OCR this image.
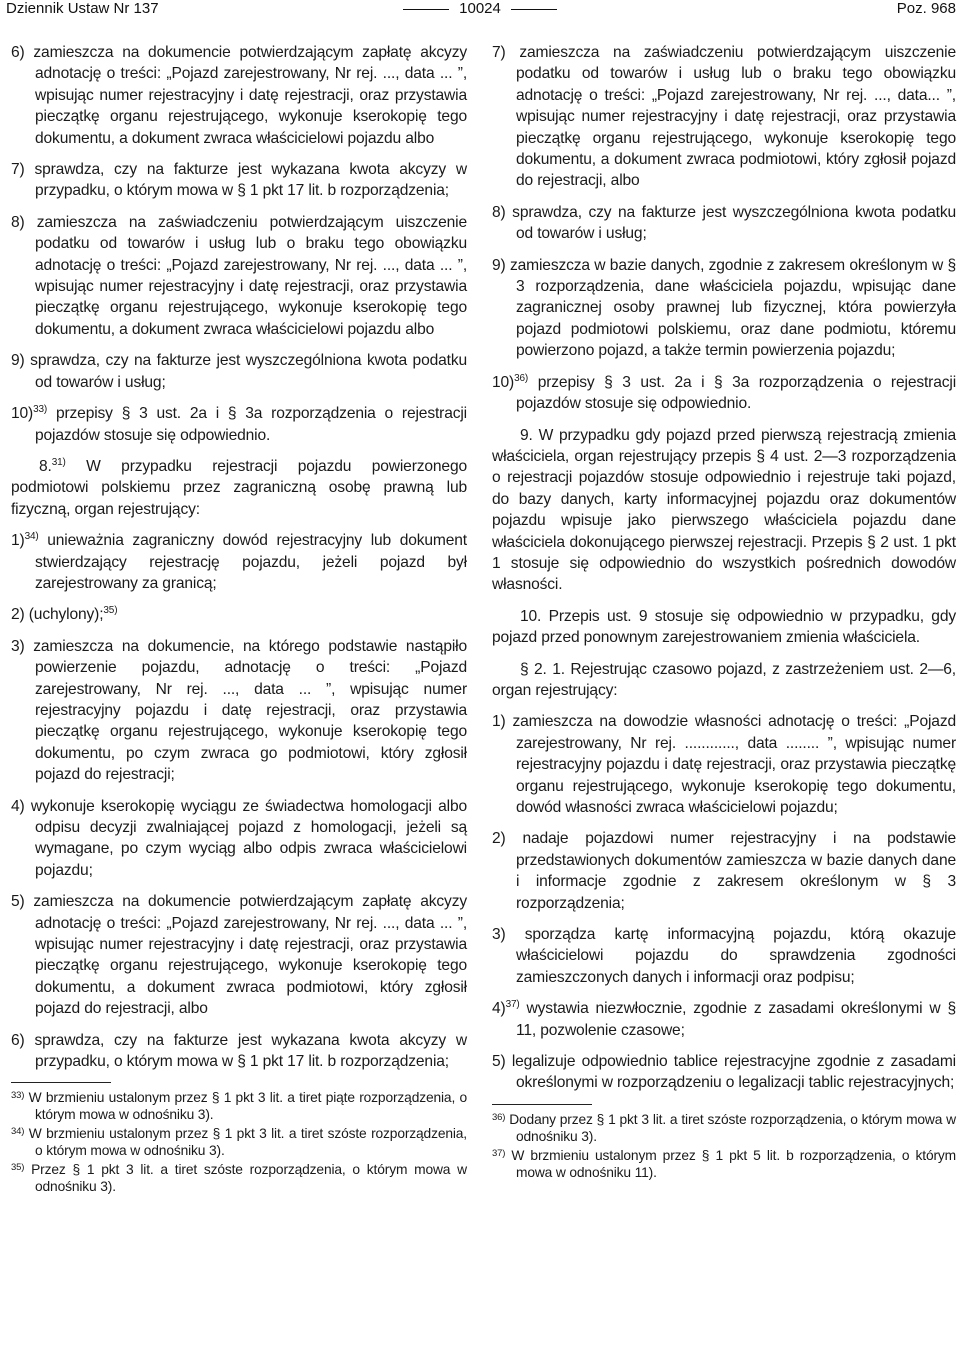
Dziennik Ustaw Nr 137	10024	Poz. 968

6) zamieszcza na dokumencie potwierdzającym zapłatę akcyzy adnotację o treści: „Pojazd zarejestrowany, Nr rej. ..., data ... ”, wpisując numer rejestracyjny i datę rejestracji, oraz przystawia pieczątkę organu rejestrującego, wykonuje kserokopię tego dokumentu, a dokument zwraca właścicielowi pojazdu albo

7) sprawdza, czy na fakturze jest wykazana kwota akcyzy w przypadku, o którym mowa w § 1 pkt 17 lit. b rozporządzenia;

8) zamieszcza na zaświadczeniu potwierdzającym uiszczenie podatku od towarów i usług lub o braku tego obowiązku adnotację o treści: „Pojazd zarejestrowany, Nr rej. ..., data ... ”, wpisując numer rejestracyjny i datę rejestracji, oraz przystawia pieczątkę organu rejestrującego, wykonuje kserokopię tego dokumentu, a dokument zwraca właścicielowi pojazdu albo

9) sprawdza, czy na fakturze jest wyszczególniona kwota podatku od towarów i usług;

10)$^{33)}$ przepisy § 3 ust. 2a i § 3a rozporządzenia o rejestracji pojazdów stosuje się odpowiednio.

8.$^{31)}$ W przypadku rejestracji pojazdu powierzonego podmiotowi polskiemu przez zagraniczną osobę prawną lub fizyczną, organ rejestrujący:

1)$^{34)}$ unieważnia zagraniczny dowód rejestracyjny lub dokument stwierdzający rejestrację pojazdu, jeżeli pojazd był zarejestrowany za granicą;

2) (uchylony);$^{35)}$

3) zamieszcza na dokumencie, na którego podstawie nastąpiło powierzenie pojazdu, adnotację o treści: „Pojazd zarejestrowany, Nr rej. ..., data ... ”, wpisując numer rejestracyjny pojazdu i datę rejestracji, oraz przystawia pieczątkę organu rejestrującego, wykonuje kserokopię tego dokumentu, po czym zwraca go podmiotowi, który zgłosił pojazd do rejestracji;

4) wykonuje kserokopię wyciągu ze świadectwa homologacji albo odpisu decyzji zwalniającej pojazd z homologacji, jeżeli są wymagane, po czym wyciąg albo odpis zwraca właścicielowi pojazdu;

5) zamieszcza na dokumencie potwierdzającym zapłatę akcyzy adnotację o treści: „Pojazd zarejestrowany, Nr rej. ..., data ... ”, wpisując numer rejestracyjny i datę rejestracji, oraz przystawia pieczątkę organu rejestrującego, wykonuje kserokopię tego dokumentu, a dokument zwraca podmiotowi, który zgłosił pojazd do rejestracji, albo

6) sprawdza, czy na fakturze jest wykazana kwota akcyzy w przypadku, o którym mowa w § 1 pkt 17 lit. b rozporządzenia;

$^{33)}$ W brzmieniu ustalonym przez § 1 pkt 3 lit. a tiret piąte rozporządzenia, o którym mowa w odnośniku 3).

$^{34)}$ W brzmieniu ustalonym przez § 1 pkt 3 lit. a tiret szóste rozporządzenia, o którym mowa w odnośniku 3).

$^{35)}$ Przez § 1 pkt 3 lit. a tiret szóste rozporządzenia, o którym mowa w odnośniku 3).

7) zamieszcza na zaświadczeniu potwierdzającym uiszczenie podatku od towarów i usług lub o braku tego obowiązku adnotację o treści: „Pojazd zarejestrowany, Nr rej. ..., data... ”, wpisując numer rejestracyjny i datę rejestracji, oraz przystawia pieczątkę organu rejestrującego, wykonuje kserokopię tego dokumentu, a dokument zwraca podmiotowi, który zgłosił pojazd do rejestracji, albo

8) sprawdza, czy na fakturze jest wyszczególniona kwota podatku od towarów i usług;

9) zamieszcza w bazie danych, zgodnie z zakresem określonym w § 3 rozporządzenia, dane właściciela pojazdu, wpisując dane zagranicznej osoby prawnej lub fizycznej, która powierzyła pojazd podmiotowi polskiemu, oraz dane podmiotu, któremu powierzono pojazd, a także termin powierzenia pojazdu;

10)$^{36)}$ przepisy § 3 ust. 2a i § 3a rozporządzenia o rejestracji pojazdów stosuje się odpowiednio.

9. W przypadku gdy pojazd przed pierwszą rejestracją zmienia właściciela, organ rejestrujący przepis § 4 ust. 2—3 rozporządzenia o rejestracji pojazdów stosuje odpowiednio i rejestruje taki pojazd, do bazy danych, karty informacyjnej pojazdu oraz dokumentów pojazdu wpisuje jako pierwszego właściciela pojazdu dane właściciela dokonującego pierwszej rejestracji. Przepis § 2 ust. 1 pkt 1 stosuje się odpowiednio do wszystkich pośrednich dowodów własności.

10. Przepis ust. 9 stosuje się odpowiednio w przypadku, gdy pojazd przed ponownym zarejestrowaniem zmienia właściciela.

§ 2. 1. Rejestrując czasowo pojazd, z zastrzeżeniem ust. 2—6, organ rejestrujący:

1) zamieszcza na dowodzie własności adnotację o treści: „Pojazd zarejestrowany, Nr rej. ............, data ........ ”, wpisując numer rejestracyjny pojazdu i datę rejestracji, oraz przystawia pieczątkę organu rejestrującego, wykonuje kserokopię tego dokumentu, dowód własności zwraca właścicielowi pojazdu;

2) nadaje pojazdowi numer rejestracyjny i na podstawie przedstawionych dokumentów zamieszcza w bazie danych dane i informacje zgodnie z zakresem określonym w § 3 rozporządzenia;

3) sporządza kartę informacyjną pojazdu, którą okazuje właścicielowi pojazdu do sprawdzenia zgodności zamieszczonych danych i informacji oraz podpisu;

4)$^{37)}$ wystawia niezwłocznie, zgodnie z zasadami określonymi w § 11, pozwolenie czasowe;

5) legalizuje odpowiednio tablice rejestracyjne zgodnie z zasadami określonymi w rozporządzeniu o legalizacji tablic rejestracyjnych;

$^{36)}$ Dodany przez § 1 pkt 3 lit. a tiret szóste rozporządzenia, o którym mowa w odnośniku 3).

$^{37)}$ W brzmieniu ustalonym przez § 1 pkt 5 lit. b rozporządzenia, o którym mowa w odnośniku 11).
